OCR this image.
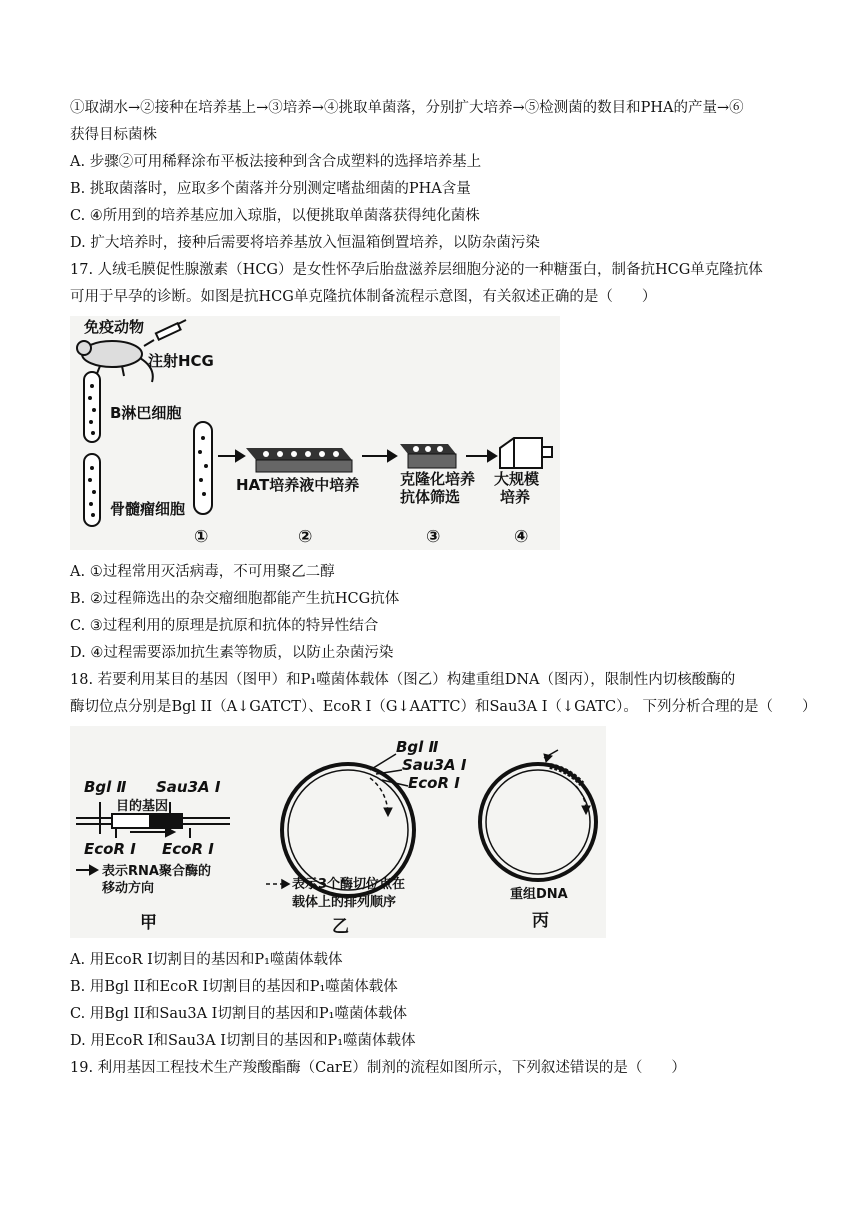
①取湖水→②接种在培养基上→③培养→④挑取单菌落，分别扩大培养→⑤检测菌的数目和PHA的产量→⑥
获得目标菌株
A. 步骤②可用稀释涂布平板法接种到含合成塑料的选择培养基上
B. 挑取菌落时，应取多个菌落并分别测定嗜盐细菌的PHA含量
C. ④所用到的培养基应加入琼脂，以便挑取单菌落获得纯化菌株
D. 扩大培养时，接种后需要将培养基放入恒温箱倒置培养，以防杂菌污染
17. 人绒毛膜促性腺激素（HCG）是女性怀孕后胎盘滋养层细胞分泌的一种糖蛋白，制备抗HCG单克隆抗体
可用于早孕的诊断。如图是抗HCG单克隆抗体制备流程示意图，有关叙述正确的是（　　）
免疫动物
注射HCG
B淋巴细胞
骨髓瘤细胞
HAT培养液中培养	克隆化培养
抗体筛选
大规模
培养
①	②	③	④
A. ①过程常用灭活病毒，不可用聚乙二醇
B. ②过程筛选出的杂交瘤细胞都能产生抗HCG抗体
C. ③过程利用的原理是抗原和抗体的特异性结合
D. ④过程需要添加抗生素等物质，以防止杂菌污染
18. 若要利用某目的基因（图甲）和P₁噬菌体载体（图乙）构建重组DNA（图丙），限制性内切核酸酶的
酶切位点分别是Bgl II（A↓GATCT）、EcoR I（G↓AATTC）和Sau3A I（↓GATC）。 下列分析合理的是（　　）
Bgl Ⅱ Sau3A Ⅰ
目的基因
EcoR Ⅰ EcoR Ⅰ
表示RNA聚合酶的
移动方向
甲
Bgl Ⅱ
Sau3A Ⅰ
EcoR Ⅰ
表示3个酶切位点在
载体上的排列顺序
乙
重组DNA
丙
A. 用EcoR I切割目的基因和P₁噬菌体载体
B. 用Bgl II和EcoR I切割目的基因和P₁噬菌体载体
C. 用Bgl II和Sau3A I切割目的基因和P₁噬菌体载体
D. 用EcoR I和Sau3A I切割目的基因和P₁噬菌体载体
19. 利用基因工程技术生产羧酸酯酶（CarE）制剂的流程如图所示，下列叙述错误的是（　　）
